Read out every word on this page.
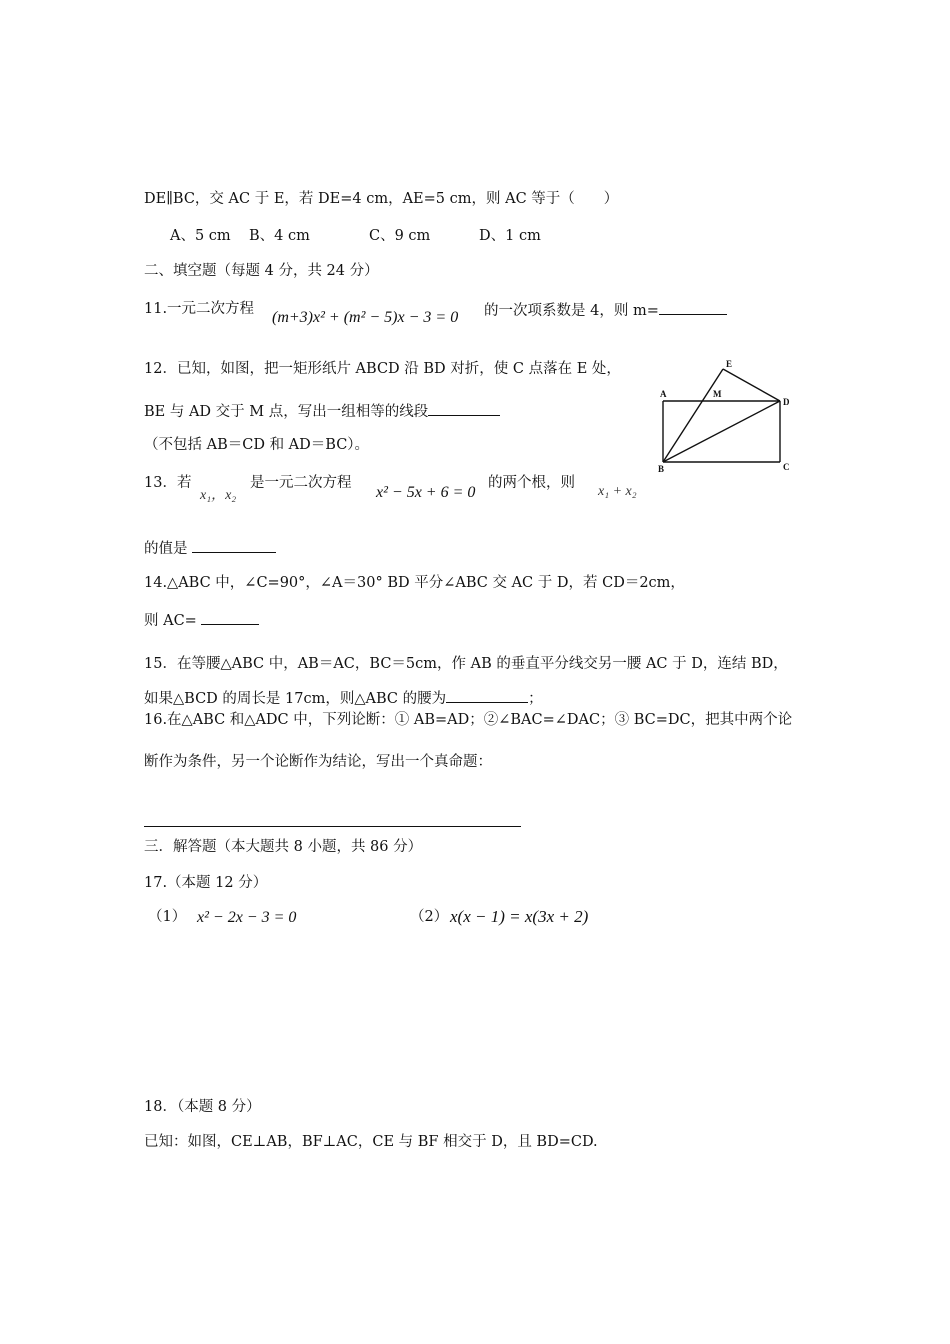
DE∥BC，交 AC 于 E，若 DE=4 cm，AE=5 cm，则 AC 等于（　　）
A、5 cm B、4 cm	C、9 cm	D、1 cm
二、填空题（每题 4 分，共 24 分）
11.一元二次方程 (m+3)x² + (m² − 5)x − 3 = 0 的一次项系数是 4，则 m=
12．已知，如图，把一矩形纸片 ABCD 沿 BD 对折，使 C 点落在 E 处，
BE 与 AD 交于 M 点，写出一组相等的线段
（不包括 AB＝CD 和 AD＝BC）。
A	M
D
E
B	C
13．若
x₁，x₂
是一元二次方程
x² − 5x + 6 = 0
的两个根，则
x₁ + x₂
的值是
14.△ABC 中，∠C=90°，∠A＝30° BD 平分∠ABC 交 AC 于 D，若 CD＝2cm，
则 AC=
15．在等腰△ABC 中，AB＝AC，BC＝5cm，作 AB 的垂直平分线交另一腰 AC 于 D，连结 BD，
如果△BCD 的周长是 17cm，则△ABC 的腰为	；
16.在△ABC 和△ADC 中，下列论断：① AB=AD；②∠BAC=∠DAC；③ BC=DC，把其中两个论
断作为条件，另一个论断作为结论，写出一个真命题：
三．解答题（本大题共 8 小题，共 86 分）
17.（本题 12 分）
（1） x² − 2x − 3 = 0	（2） x(x − 1) = x(3x + 2)
18．（本题 8 分）
已知：如图，CE⊥AB，BF⊥AC，CE 与 BF 相交于 D，且 BD=CD.
